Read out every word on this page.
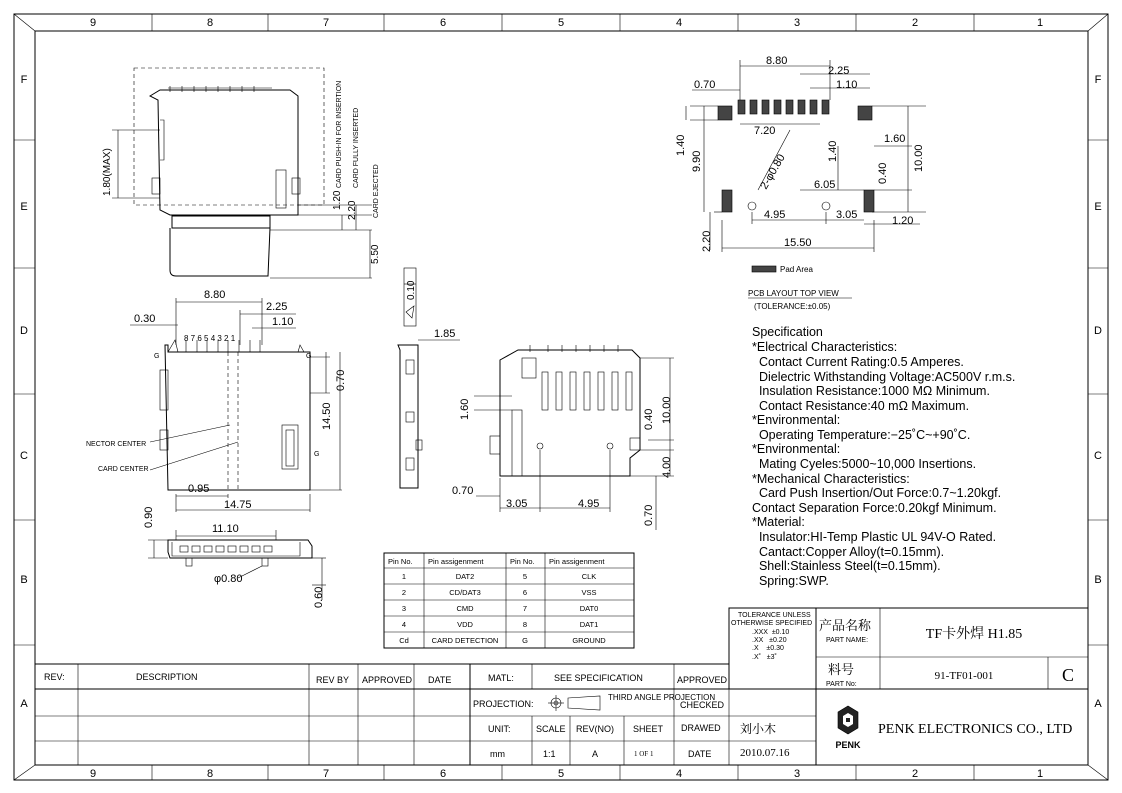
9	8	7	6	5	4	3	2	1
9	8	7	6	5	4	3	2	1
F
E
D
C
B
A
F
E
D
C
B
A
1.80(MAX)
1.20
2.20
5.50
CARD PUSH-IN FOR INSERTION CARD FULLY INSERTED
CARD EJECTED
8.80
2.25
0.30	1.10
0.70
14.50
0.95
14.75
8 7 6 5 4 3 2 1
NECTOR CENTER
CARD CENTER
G	G
G
0.90
11.10
φ0.80
0.60
0.10
1.85
1.60	10.00
0.40
4.00
0.70
3.05	4.95
0.70
8.80
2.25
0.70	1.10
1.40
9.90
7.20
1.60
1.40	10.00
2-φ0.80 6.05
0.40
4.95	3.05	1.20
2.20	15.50
Pad Area
PCB LAYOUT TOP VIEW
(TOLERANCE:±0.05)
Specification
*Electrical Characteristics:
Contact Current Rating:0.5 Amperes.
Dielectric Withstanding Voltage:AC500V r.m.s.
Insulation Resistance:1000 MΩ Minimum.
Contact Resistance:40 mΩ Maximum.
*Environmental:
Operating Temperature:−25˚C~+90˚C.
*Environmental:
Mating Cyeles:5000~10,000 Insertions.
*Mechanical Characteristics:
Card Push Insertion/Out Force:0.7~1.20kgf.
Contact Separation Force:0.20kgf Minimum.
*Material:
Insulator:HI-Temp Plastic UL 94V-O Rated.
Cantact:Copper Alloy(t=0.15mm).
Shell:Stainless Steel(t=0.15mm).
Spring:SWP.
Pin No. Pin assigenment	Pin No. Pin assigenment
1	DAT2	5	CLK
2	CD/DAT3	6	VSS
3	CMD	7	DAT0
4	VDD	8	DAT1
Cd	CARD DETECTION	G	GROUND
TOLERANCE UNLESS
OTHERWISE SPECIFIED
.XXX  ±0.10
.XX   ±0.20
.X    ±0.30
.X˚   ±3˚
产品名称
PART NAME:	TF卡外焊 H1.85
料号
PART No:
91-TF01-001	C
REV:	DESCRIPTION	REV BY APPROVED DATE	MATL:	SEE SPECIFICATION	APPROVED
PROJECTION:	CHECKED
UNIT:	SCALE REV(NO) SHEET DRAWED
mm	1:1	A	DATE
THIRD ANGLE PROJECTION
1 OF 1
刘小木
2010.07.16
PENK
PENK ELECTRONICS CO., LTD
